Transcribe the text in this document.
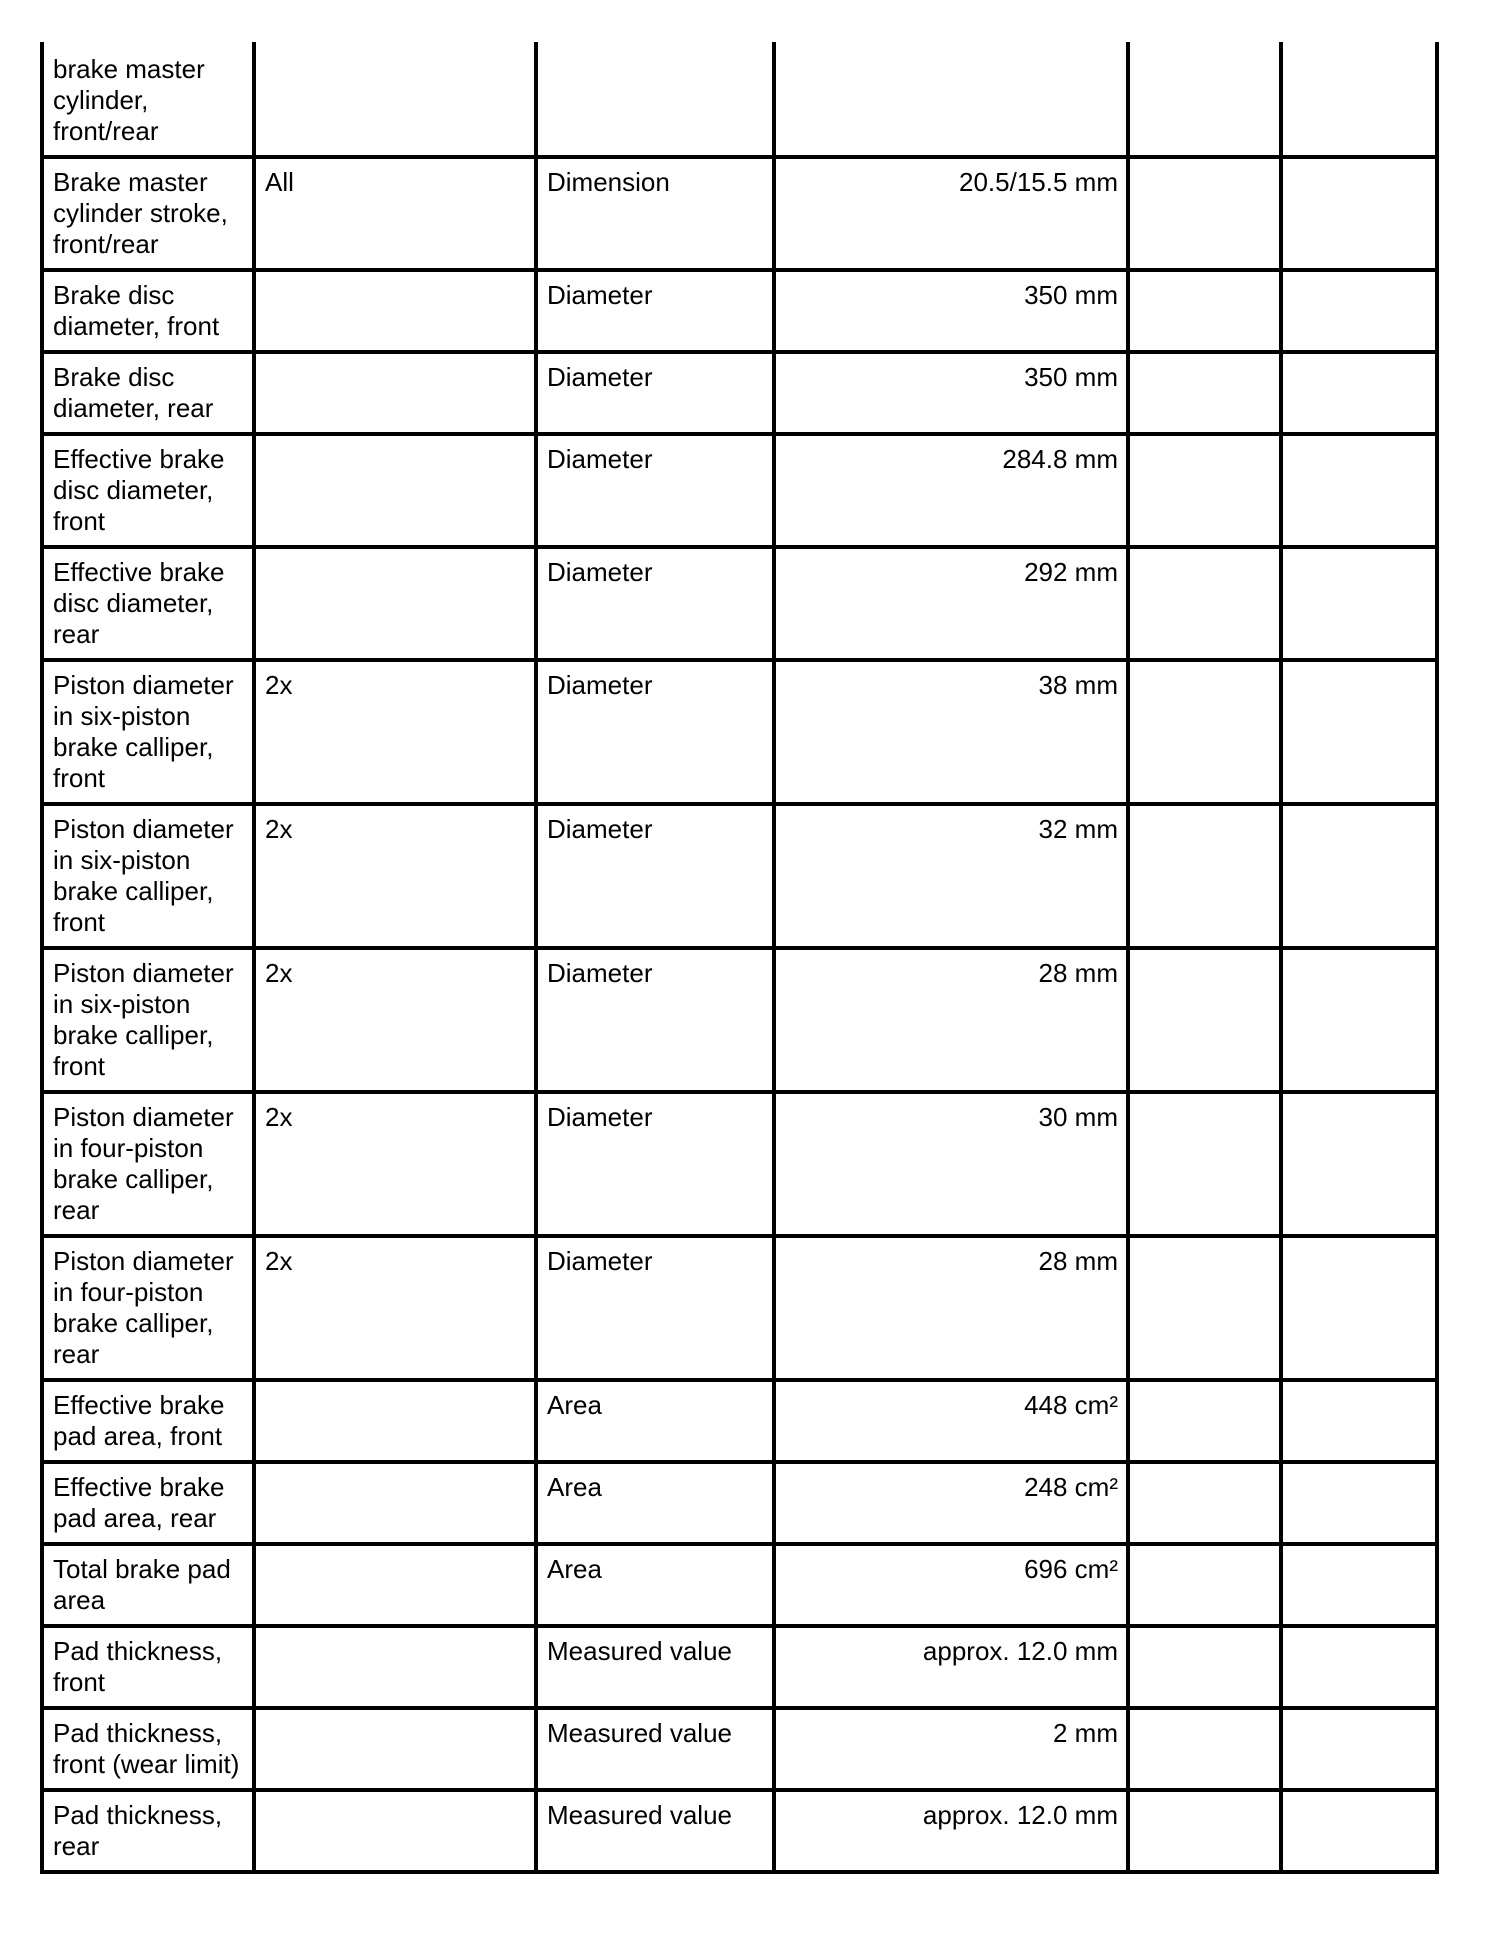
brake master cylinder, front/rear					
Brake master cylinder stroke, front/rear	All	Dimension	20.5/15.5 mm		
Brake disc diameter, front		Diameter	350 mm		
Brake disc diameter, rear		Diameter	350 mm		
Effective brake disc diameter, front		Diameter	284.8 mm		
Effective brake disc diameter, rear		Diameter	292 mm		
Piston diameter in six-piston brake calliper, front	2x	Diameter	38 mm		
Piston diameter in six-piston brake calliper, front	2x	Diameter	32 mm		
Piston diameter in six-piston brake calliper, front	2x	Diameter	28 mm		
Piston diameter in four-piston brake calliper, rear	2x	Diameter	30 mm		
Piston diameter in four-piston brake calliper, rear	2x	Diameter	28 mm		
Effective brake pad area, front		Area	448 cm²		
Effective brake pad area, rear		Area	248 cm²		
Total brake pad area		Area	696 cm²		
Pad thickness, front		Measured value	approx. 12.0 mm		
Pad thickness, front (wear limit)		Measured value	2 mm		
Pad thickness, rear		Measured value	approx. 12.0 mm		
